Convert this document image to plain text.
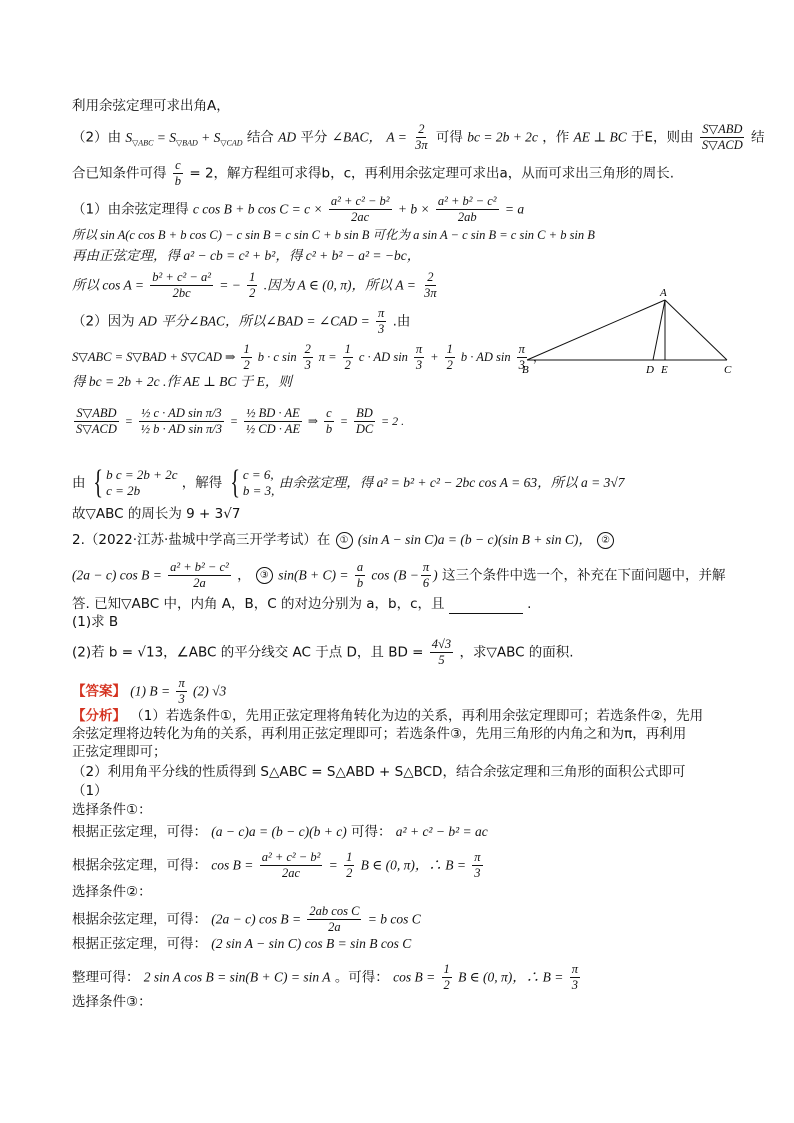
利用余弦定理可求出角A，
（2）由 $S_{▽ABC} = S_{▽BAD} + S_{▽CAD}$ 结合 AD 平分 ∠BAC， $A = \frac{2}{3\pi}$ 可得 bc = 2b + 2c ，作 AE ⊥ BC 于E，则由 $\frac{\text{S▽ABD}}{\text{S▽ACD}}$ 结
合已知条件可得 $\frac{c}{b} = 2$，解方程组可求得b，c，再利用余弦定理可求出a，从而可求出三角形的周长.
（1）由余弦定理得 c cos B + b $\cos C = c \times \frac{\text{a² + c² − b²}}{2ac} + b \times \frac{\text{a² + b² − c²}}{2ab} = a$
所以 sin A(c cos B + b cos C) − c sin B = c sin C + b sin B 可化为 a sin A − c sin B = c sin C + b sin B
再由正弦定理，得 a² − cb = c² + b²，得 c² + b² − a² = −bc，
所以 $\cos A = \frac{\text{b² + c² − a²}}{2bc}$ = − $\frac{1}{2}$ .因为 A ∈ (0, π)，所以 $A = \frac{2}{3\pi}$
（2）因为 AD 平分∠BAC，所以∠BAD = ∠CAD = $\frac{\pi}{3}$ .由
S▽ABC = S▽BAD + S▽CAD ⇒ $\frac{1}{2}$ b · c $\sin \frac{2}{3}$ $\pi = \frac{1}{2}$ c · AD $\sin \frac{\pi}{3} + \frac{1}{2}$ b · AD $\sin \frac{\pi}{3}$ ，
得 bc = 2b + 2c .作 AE ⊥ BC 于 E，则
$\frac{\text{S▽ABD}}{\text{S▽ACD}} = \frac{\text{½ c · AD sin π/3}}{\text{½ b · AD sin π/3}} = \frac{\text{½ BD · AE}}{\text{½ CD · AE}}$ ⇒ $\frac{c}{b} = \frac{BD}{DC} = 2$ .
由 { b c = 2b + 2c
c = 2b	，解得 { c = 6,
b = 3,
由余弦定理，得 a² = b² + c² − 2bc cos A = 63，所以 a = 3√7
故▽ABC 的周长为 9 + 3√7
2.（2022·江苏·盐城中学高三开学考试）在 ① (sin A − sin C)a = (b − c)(sin B + sin C)， ②
(2a − c) $\cos B = \frac{\text{a² + b² − c²}}{2a}$ ， ③ $\sin(B + C) = \frac{a}{b}$ $\cos (B - \frac{\pi}{6}$ ) 这三个条件中选一个，补充在下面问题中，并解
答. 已知▽ABC 中，内角 A，B，C 的对边分别为 a，b，c，且	.
(1)求 B
(2)若 b = √13，∠ABC 的平分线交 AC 于点 D，且 BD = $\frac{4√3}{5}$ ，求▽ABC 的面积.
【答案】 (1) $B = \frac{\pi}{3} (2)$ √3
【分析】 （1）若选条件①，先用正弦定理将角转化为边的关系，再利用余弦定理即可；若选条件②，先用
余弦定理将边转化为角的关系，再利用正弦定理即可；若选条件③，先用三角形的内角之和为π，再利用
正弦定理即可；
（2）利用角平分线的性质得到 S△ABC = S△ABD + S△BCD，结合余弦定理和三角形的面积公式即可
（1）
选择条件①：
根据正弦定理，可得： (a − c)a = (b − c)(b + c) 可得： a² + c² − b² = ac
根据余弦定理，可得： $\cos B = \frac{\text{a² + c² − b²}}{2ac} = \frac{1}{2}$ B ∈ (0, π)，∴ $B = \frac{\pi}{3}$
选择条件②：
根据余弦定理，可得： (2a − c) $\cos B = \frac{\text{2ab cos C}}{2a} = b$ cos C
根据正弦定理，可得： (2 sin A − sin C) cos B = sin B cos C
整理可得： 2 sin A cos B = sin(B + C) = sin A 。可得： $\cos B = \frac{1}{2}$ B ∈ (0, π)，∴ $B = \frac{\pi}{3}$
选择条件③：
A
B	D E	C
